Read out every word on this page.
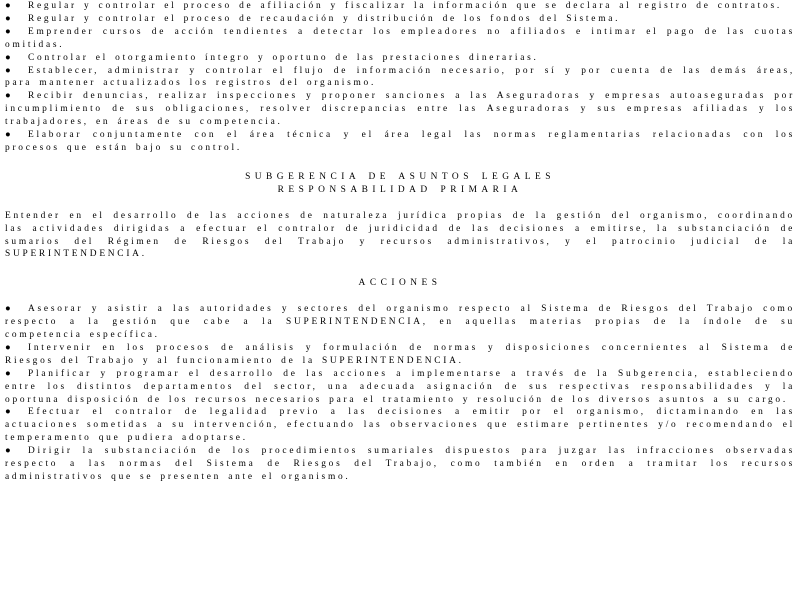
● Regular y controlar el proceso de afiliación y fiscalizar la información que se declara al registro de contratos.

● Regular y controlar el proceso de recaudación y distribución de los fondos del Sistema.

● Emprender cursos de acción tendientes a detectar los empleadores no afiliados e intimar el pago de las cuotas omitidas.

● Controlar el otorgamiento íntegro y oportuno de las prestaciones dinerarias.

● Establecer, administrar y controlar el flujo de información necesario, por sí y por cuenta de las demás áreas, para mantener actualizados los registros del organismo.

● Recibir denuncias, realizar inspecciones y proponer sanciones a las Aseguradoras y empresas autoaseguradas por incumplimiento de sus obligaciones, resolver discrepancias entre las Aseguradoras y sus empresas afiliadas y los trabajadores, en áreas de su competencia.

● Elaborar conjuntamente con el área técnica y el área legal las normas reglamentarias relacionadas con los procesos que están bajo su control.

SUBGERENCIA DE ASUNTOS LEGALES

RESPONSABILIDAD PRIMARIA

Entender en el desarrollo de las acciones de naturaleza jurídica propias de la gestión del organismo, coordinando las actividades dirigidas a efectuar el contralor de juridicidad de las decisiones a emitirse, la substanciación de sumarios del Régimen de Riesgos del Trabajo y recursos administrativos, y el patrocinio judicial de la SUPERINTENDENCIA.

ACCIONES

● Asesorar y asistir a las autoridades y sectores del organismo respecto al Sistema de Riesgos del Trabajo como respecto a la gestión que cabe a la SUPERINTENDENCIA, en aquellas materias propias de la índole de su competencia específica.

● Intervenir en los procesos de análisis y formulación de normas y disposiciones concernientes al Sistema de Riesgos del Trabajo y al funcionamiento de la SUPERINTENDENCIA.

● Planificar y programar el desarrollo de las acciones a implementarse a través de la Subgerencia, estableciendo entre los distintos departamentos del sector, una adecuada asignación de sus respectivas responsabilidades y la oportuna disposición de los recursos necesarios para el tratamiento y resolución de los diversos asuntos a su cargo.

● Efectuar el contralor de legalidad previo a las decisiones a emitir por el organismo, dictaminando en las actuaciones sometidas a su intervención, efectuando las observaciones que estimare pertinentes y/o recomendando el temperamento que pudiera adoptarse.

● Dirigir la substanciación de los procedimientos sumariales dispuestos para juzgar las infracciones observadas respecto a las normas del Sistema de Riesgos del Trabajo, como también en orden a tramitar los recursos administrativos que se presenten ante el organismo.
